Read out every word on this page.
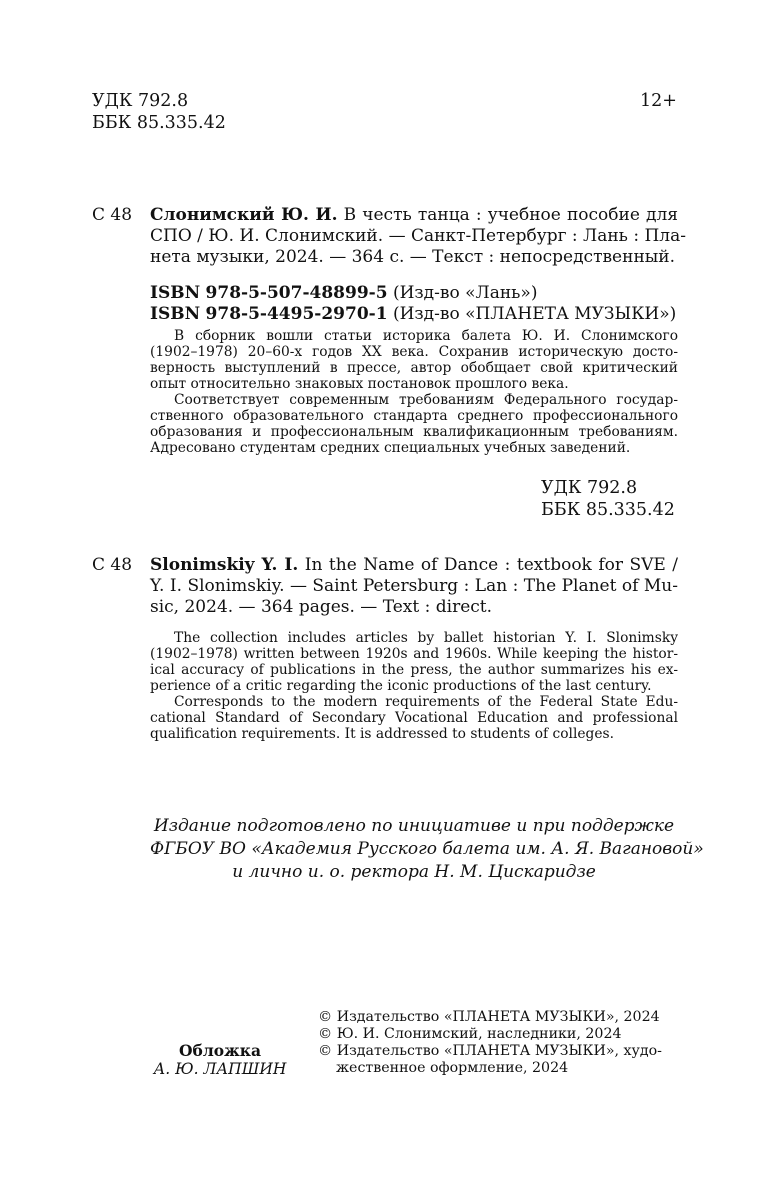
УДК 792.8
ББК 85.335.42
12+
С 48 Слонимский Ю. И. В честь танца : учебное пособие для
СПО / Ю. И. Слонимский. — Санкт-Петербург : Лань : Пла-
нета музыки, 2024. — 364 с. — Текст : непосредственный.
ISBN 978-5-507-48899-5 (Изд-во «Лань»)
ISBN 978-5-4495-2970-1 (Изд-во «ПЛАНЕТА МУЗЫКИ»)
В сборник вошли статьи историка балета Ю. И. Слонимского
(1902–1978) 20–60-х годов ХХ века. Сохранив историческую досто-
верность выступлений в прессе, автор обобщает свой критический
опыт относительно знаковых постановок прошлого века.
Соответствует современным требованиям Федерального государ-
ственного образовательного стандарта среднего профессионального
образования и профессиональным квалификационным требованиям.
Адресовано студентам средних специальных учебных заведений.
УДК 792.8
ББК 85.335.42
С 48 Slonimskiy Y. I. In the Name of Dance : textbook for SVE /
Y. I. Slonimskiy. — Saint Petersburg : Lan : The Planet of Mu-
sic, 2024. — 364 pages. — Text : direct.
The collection includes articles by ballet historian Y. I. Slonimsky
(1902–1978) written between 1920s and 1960s. While keeping the histor-
ical accuracy of publications in the press, the author summarizes his ex-
perience of a critic regarding the iconic productions of the last century.
Corresponds to the modern requirements of the Federal State Edu-
cational Standard of Secondary Vocational Education and professional
qualification requirements. It is addressed to students of colleges.
Издание подготовлено по инициативе и при поддержке
ФГБОУ ВО «Академия Русского балета им. А. Я. Вагановой»
и лично и. о. ректора Н. М. Цискаридзе
Обложка
А. Ю. ЛАПШИН
© Издательство «ПЛАНЕТА МУЗЫКИ», 2024
© Ю. И. Слонимский, наследники, 2024
© Издательство «ПЛАНЕТА МУЗЫКИ», худо-
жественное оформление, 2024
